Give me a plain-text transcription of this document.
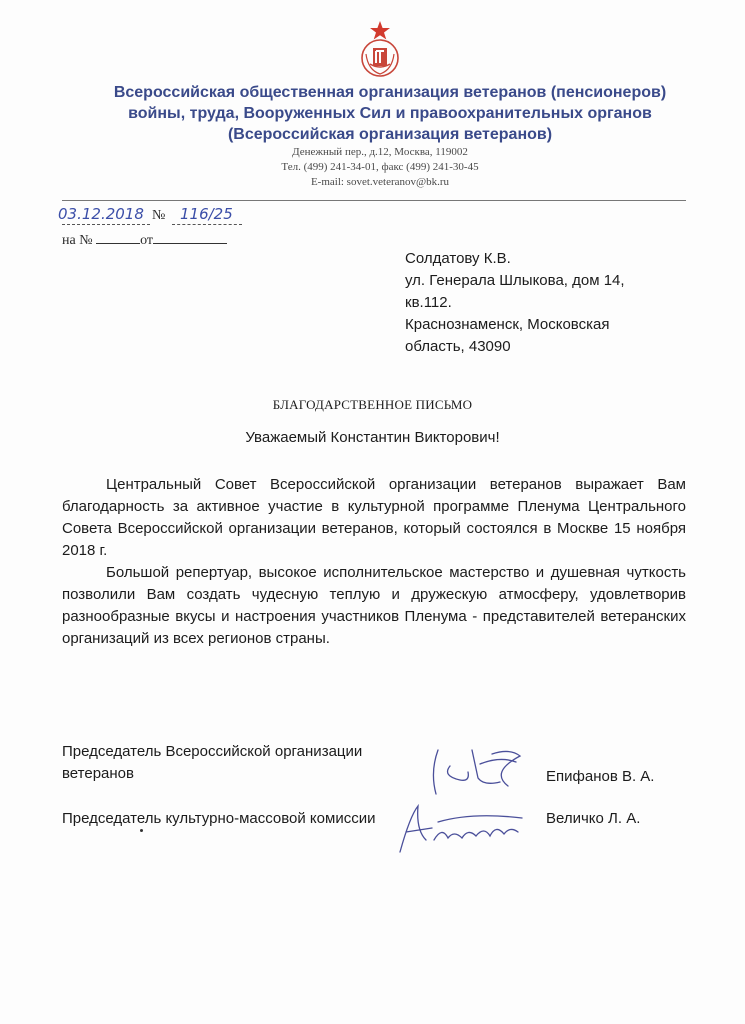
Всероссийская общественная организация ветеранов (пенсионеров)
войны, труда, Вооруженных Сил и правоохранительных органов
(Всероссийская организация ветеранов)
Денежный пер., д.12, Москва, 119002
Тел. (499) 241-34-01, факс (499) 241-30-45
E-mail: sovet.veteranov@bk.ru
03.12.2018 № 116/25
на №	от
Солдатову К.В.
ул. Генерала Шлыкова, дом 14,
кв.112.
Краснознаменск, Московская
область, 43090
БЛАГОДАРСТВЕННОЕ ПИСЬМО
Уважаемый Константин Викторович!

Центральный Совет Всероссийской организации ветеранов выражает Вам благодарность за активное участие в культурной программе Пленума Центрального Совета Всероссийской организации ветеранов, который состоялся в Москве 15 ноября 2018 г.

Большой репертуар, высокое исполнительское мастерство и душевная чуткость позволили Вам создать чудесную теплую и дружескую атмосферу, удовлетворив разнообразные вкусы и настроения участников Пленума - представителей ветеранских организаций из всех регионов страны.

Председатель Всероссийской организации
ветеранов	Епифанов В. А.
Председатель культурно-массовой комиссии	Величко Л. А.
